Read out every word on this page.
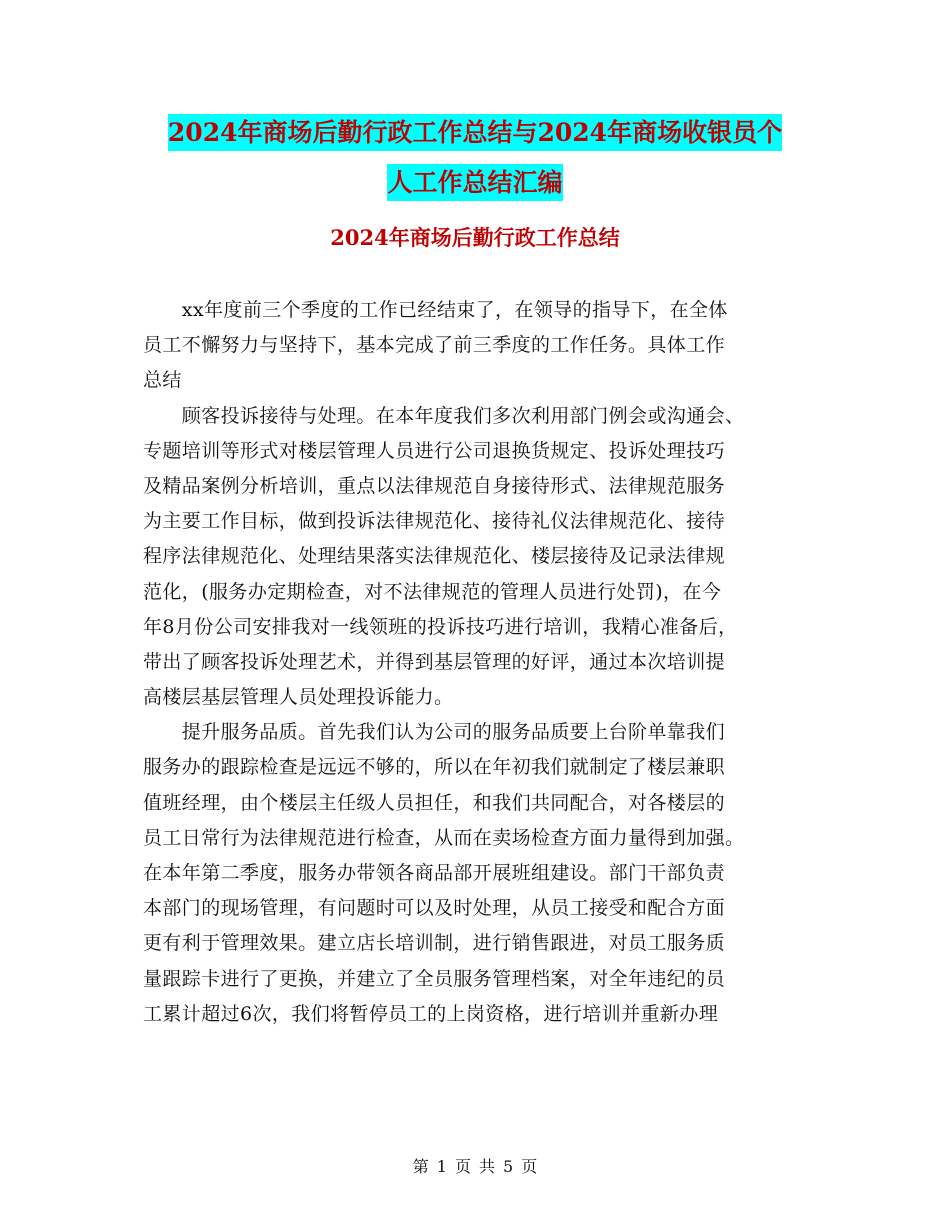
2024年商场后勤行政工作总结与2024年商场收银员个
人工作总结汇编
2024年商场后勤行政工作总结
　　xx年度前三个季度的工作已经结束了，在领导的指导下，在全体
员工不懈努力与坚持下，基本完成了前三季度的工作任务。具体工作
总结
　　顾客投诉接待与处理。在本年度我们多次利用部门例会或沟通会、
专题培训等形式对楼层管理人员进行公司退换货规定、投诉处理技巧
及精品案例分析培训，重点以法律规范自身接待形式、法律规范服务
为主要工作目标，做到投诉法律规范化、接待礼仪法律规范化、接待
程序法律规范化、处理结果落实法律规范化、楼层接待及记录法律规
范化，(服务办定期检查，对不法律规范的管理人员进行处罚)，在今
年8月份公司安排我对一线领班的投诉技巧进行培训，我精心准备后，
带出了顾客投诉处理艺术，并得到基层管理的好评，通过本次培训提
高楼层基层管理人员处理投诉能力。
　　提升服务品质。首先我们认为公司的服务品质要上台阶单靠我们
服务办的跟踪检查是远远不够的，所以在年初我们就制定了楼层兼职
值班经理，由个楼层主任级人员担任，和我们共同配合，对各楼层的
员工日常行为法律规范进行检查，从而在卖场检查方面力量得到加强。
在本年第二季度，服务办带领各商品部开展班组建设。部门干部负责
本部门的现场管理，有问题时可以及时处理，从员工接受和配合方面
更有利于管理效果。建立店长培训制，进行销售跟进，对员工服务质
量跟踪卡进行了更换，并建立了全员服务管理档案，对全年违纪的员
工累计超过6次，我们将暂停员工的上岗资格，进行培训并重新办理
第 1 页 共 5 页
